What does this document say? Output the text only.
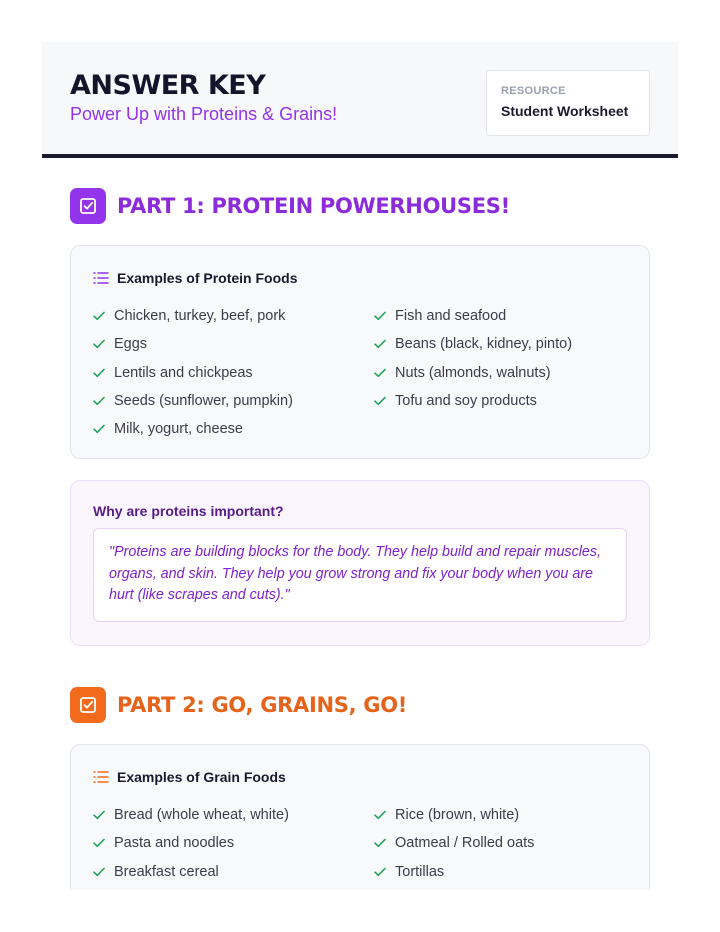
ANSWER KEY
Power Up with Proteins & Grains!
RESOURCE
Student Worksheet
PART 1: PROTEIN POWERHOUSES!
Examples of Protein Foods
Chicken, turkey, beef, pork	Fish and seafood
Eggs	Beans (black, kidney, pinto)
Lentils and chickpeas	Nuts (almonds, walnuts)
Seeds (sunflower, pumpkin)	Tofu and soy products
Milk, yogurt, cheese
Why are proteins important?
"Proteins are building blocks for the body. They help build and repair muscles, organs, and skin. They help you grow strong and fix your body when you are hurt (like scrapes and cuts)."
PART 2: GO, GRAINS, GO!
Examples of Grain Foods
Bread (whole wheat, white)	Rice (brown, white)
Pasta and noodles	Oatmeal / Rolled oats
Breakfast cereal	Tortillas
